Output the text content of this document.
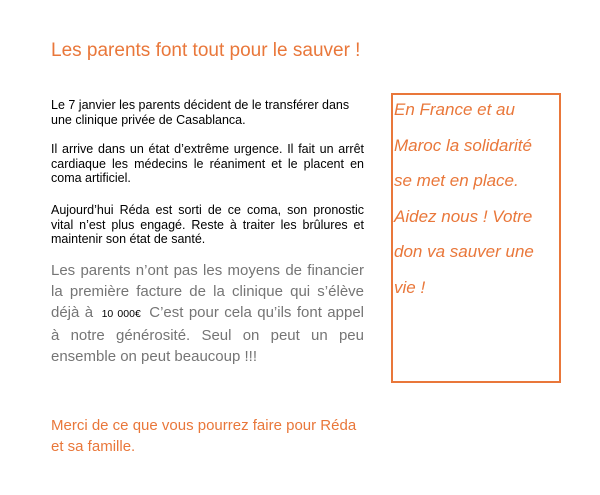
Les parents font tout pour le sauver !

Le 7 janvier les parents décident de le transférer dans une clinique privée de Casablanca.

Il arrive dans un état d’extrême urgence. Il fait un arrêt cardiaque les médecins le réaniment et le placent en coma artificiel.

Aujourd’hui Réda est sorti de ce coma, son pronostic vital n’est plus engagé. Reste à traiter les brûlures et maintenir son état de santé.

Les parents n’ont pas les moyens de financier la première facture de la clinique qui s’élève déjà à 10 000€ C’est pour cela qu’ils font appel à notre générosité. Seul on peut un peu ensemble on peut beaucoup !!!

Merci de ce que vous pourrez faire pour Réda et sa famille.

En France et au Maroc la solidarité se met en place. Aidez nous ! Votre don va sauver une vie !
